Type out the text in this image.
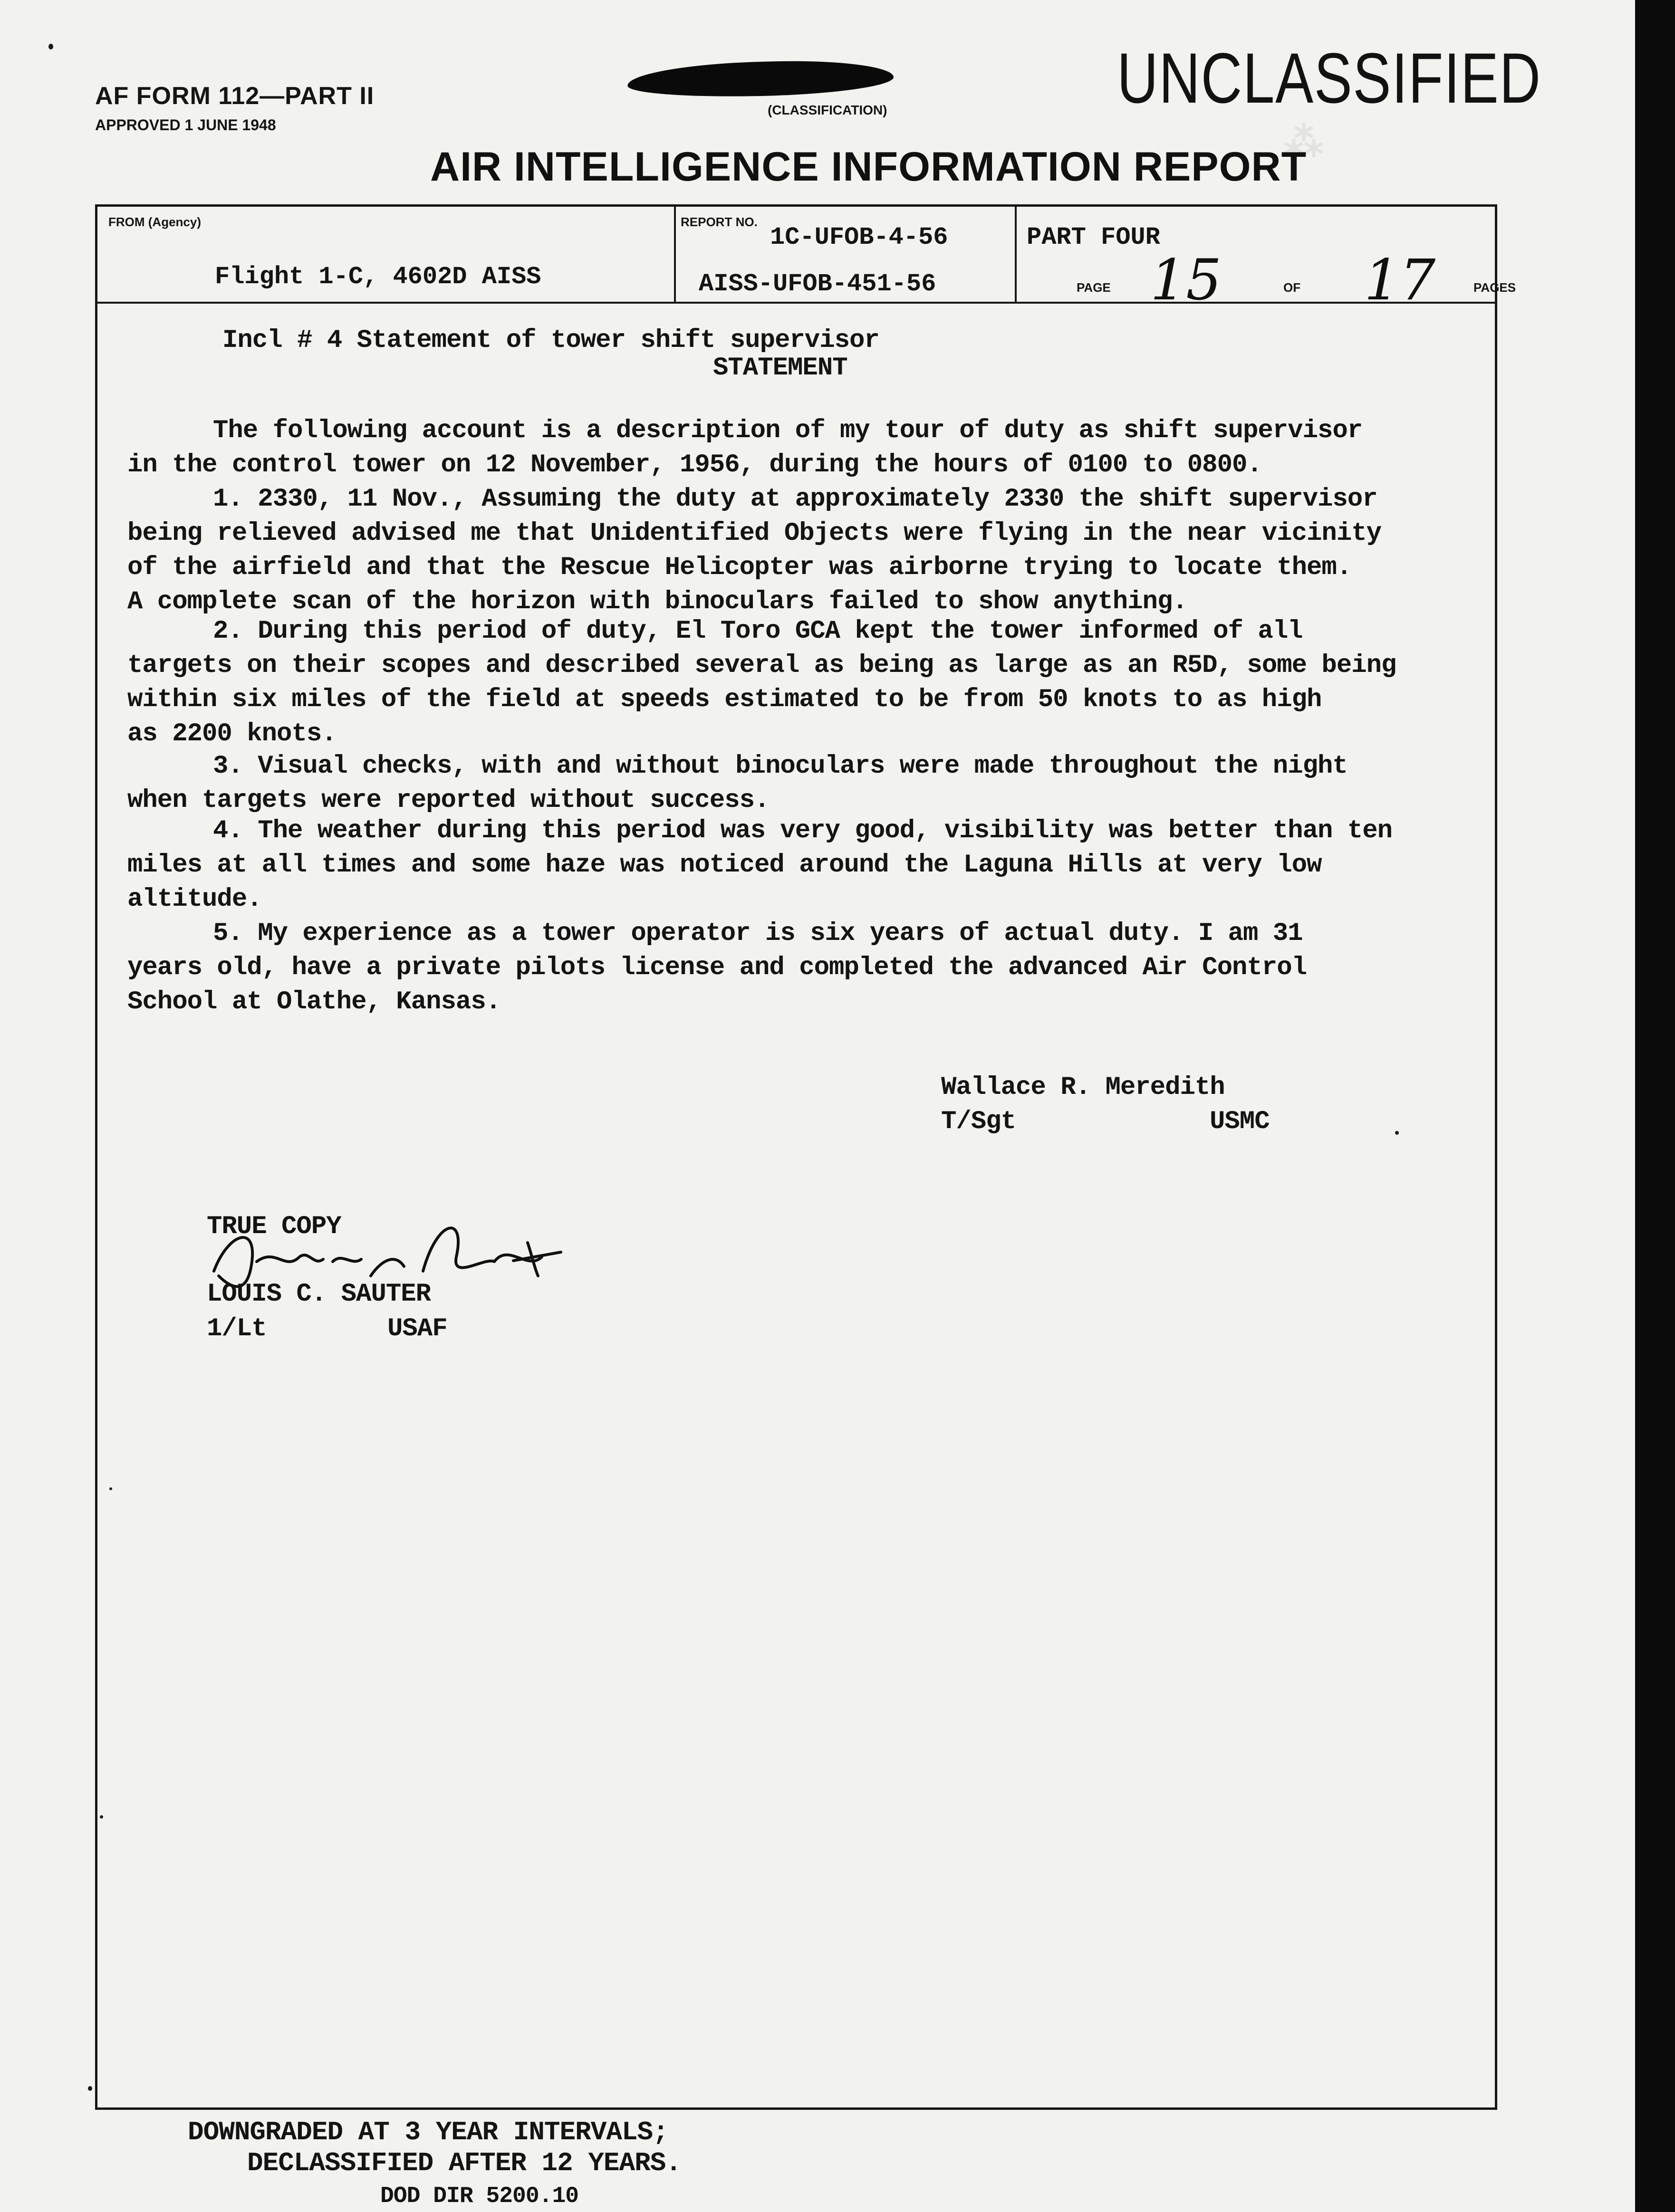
AF FORM 112—PART II
APPROVED 1 JUNE 1948
(CLASSIFICATION)	UNCLASSIFIED
AIR INTELLIGENCE INFORMATION REPORT
FROM (Agency)
Flight 1-C, 4602D AISS
REPORT NO.
1C-UFOB-4-56
AISS-UFOB-451-56
PART FOUR
PAGE 15	OF 17	PAGES
⁂
Incl # 4 Statement of tower shift supervisor
STATEMENT
The following account is a description of my tour of duty as shift supervisor
in the control tower on 12 November, 1956, during the hours of 0100 to 0800.
1. 2330, 11 Nov., Assuming the duty at approximately 2330 the shift supervisor
being relieved advised me that Unidentified Objects were flying in the near vicinity
of the airfield and that the Rescue Helicopter was airborne trying to locate them.
A complete scan of the horizon with binoculars failed to show anything.
2. During this period of duty, El Toro GCA kept the tower informed of all
targets on their scopes and described several as being as large as an R5D, some being
within six miles of the field at speeds estimated to be from 50 knots to as high
as 2200 knots.
3. Visual checks, with and without binoculars were made throughout the night
when targets were reported without success.
4. The weather during this period was very good, visibility was better than ten
miles at all times and some haze was noticed around the Laguna Hills at very low
altitude.
5. My experience as a tower operator is six years of actual duty. I am 31
years old, have a private pilots license and completed the advanced Air Control
School at Olathe, Kansas.
Wallace R. Meredith
T/Sgt	USMC
TRUE COPY
LOUIS C. SAUTER
1/Lt	USAF
DOWNGRADED AT 3 YEAR INTERVALS;
DECLASSIFIED AFTER 12 YEARS.
DOD DIR 5200.10
